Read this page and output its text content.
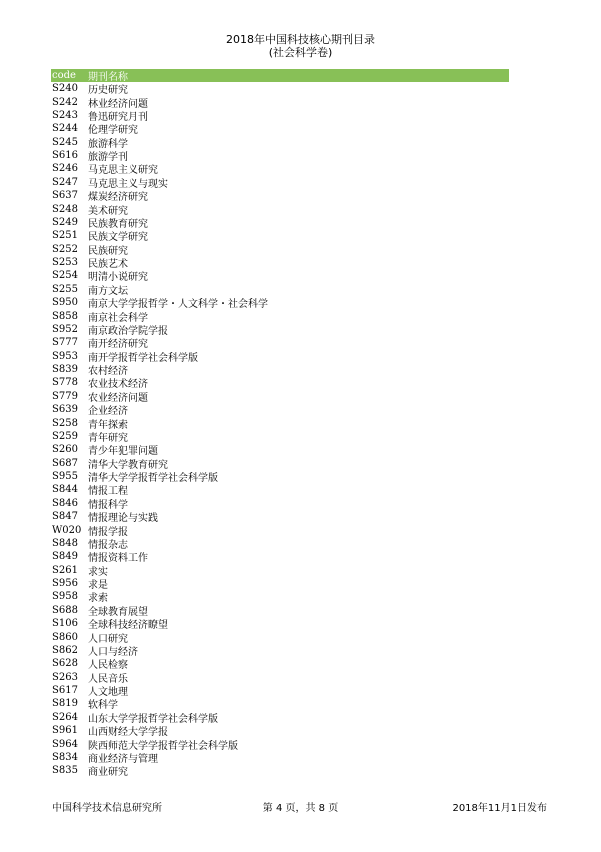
2018年中国科技核心期刊目录
(社会科学卷)
code	期刊名称
S240	历史研究
S242	林业经济问题
S243	鲁迅研究月刊
S244	伦理学研究
S245	旅游科学
S616	旅游学刊
S246	马克思主义研究
S247	马克思主义与现实
S637	煤炭经济研究
S248	美术研究
S249	民族教育研究
S251	民族文学研究
S252	民族研究
S253	民族艺术
S254	明清小说研究
S255	南方文坛
S950	南京大学学报哲学・人文科学・社会科学
S858	南京社会科学
S952	南京政治学院学报
S777	南开经济研究
S953	南开学报哲学社会科学版
S839	农村经济
S778	农业技术经济
S779	农业经济问题
S639	企业经济
S258	青年探索
S259	青年研究
S260	青少年犯罪问题
S687	清华大学教育研究
S955	清华大学学报哲学社会科学版
S844	情报工程
S846	情报科学
S847	情报理论与实践
W020 情报学报
S848	情报杂志
S849	情报资料工作
S261	求实
S956	求是
S958	求索
S688	全球教育展望
S106	全球科技经济瞭望
S860	人口研究
S862	人口与经济
S628	人民检察
S263	人民音乐
S617	人文地理
S819	软科学
S264	山东大学学报哲学社会科学版
S961	山西财经大学学报
S964	陕西师范大学学报哲学社会科学版
S834	商业经济与管理
S835	商业研究
中国科学技术信息研究所	第 4 页，共 8 页	2018年11月1日发布
